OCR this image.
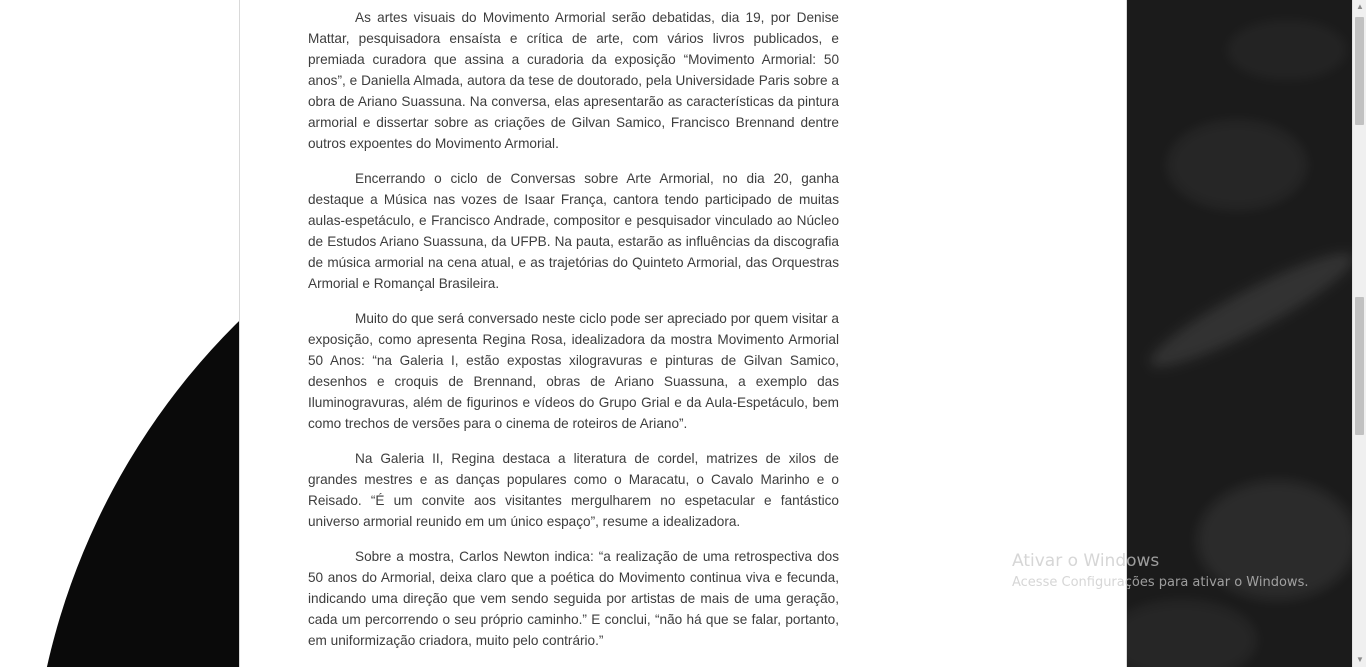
As artes visuais do Movimento Armorial serão debatidas, dia 19, por Denise Mattar, pesquisadora ensaísta e crítica de arte, com vários livros publicados, e premiada curadora que assina a curadoria da exposição “Movimento Armorial: 50 anos”, e Daniella Almada, autora da tese de doutorado, pela Universidade Paris sobre a obra de Ariano Suassuna. Na conversa, elas apresentarão as características da pintura armorial e dissertar sobre as criações de Gilvan Samico, Francisco Brennand dentre outros expoentes do Movimento Armorial.

Encerrando o ciclo de Conversas sobre Arte Armorial, no dia 20, ganha destaque a Música nas vozes de Isaar França, cantora tendo participado de muitas aulas-espetáculo, e Francisco Andrade, compositor e pesquisador vinculado ao Núcleo de Estudos Ariano Suassuna, da UFPB. Na pauta, estarão as influências da discografia de música armorial na cena atual, e as trajetórias do Quinteto Armorial, das Orquestras Armorial e Romançal Brasileira.

Muito do que será conversado neste ciclo pode ser apreciado por quem visitar a exposição, como apresenta Regina Rosa, idealizadora da mostra Movimento Armorial 50 Anos: “na Galeria I, estão expostas xilogravuras e pinturas de Gilvan Samico, desenhos e croquis de Brennand, obras de Ariano Suassuna, a exemplo das Iluminogravuras, além de figurinos e vídeos do Grupo Grial e da Aula-Espetáculo, bem como trechos de versões para o cinema de roteiros de Ariano”.

Na Galeria II, Regina destaca a literatura de cordel, matrizes de xilos de grandes mestres e as danças populares como o Maracatu, o Cavalo Marinho e o Reisado. “É um convite aos visitantes mergulharem no espetacular e fantástico universo armorial reunido em um único espaço”, resume a idealizadora.

Sobre a mostra, Carlos Newton indica: “a realização de uma retrospectiva dos 50 anos do Armorial, deixa claro que a poética do Movimento continua viva e fecunda, indicando uma direção que vem sendo seguida por artistas de mais de uma geração, cada um percorrendo o seu próprio caminho.” E conclui, “não há que se falar, portanto, em uniformização criadora, muito pelo contrário.”

Ativar o Windows
Acesse Configurações para ativar o Windows.
▲
▼
